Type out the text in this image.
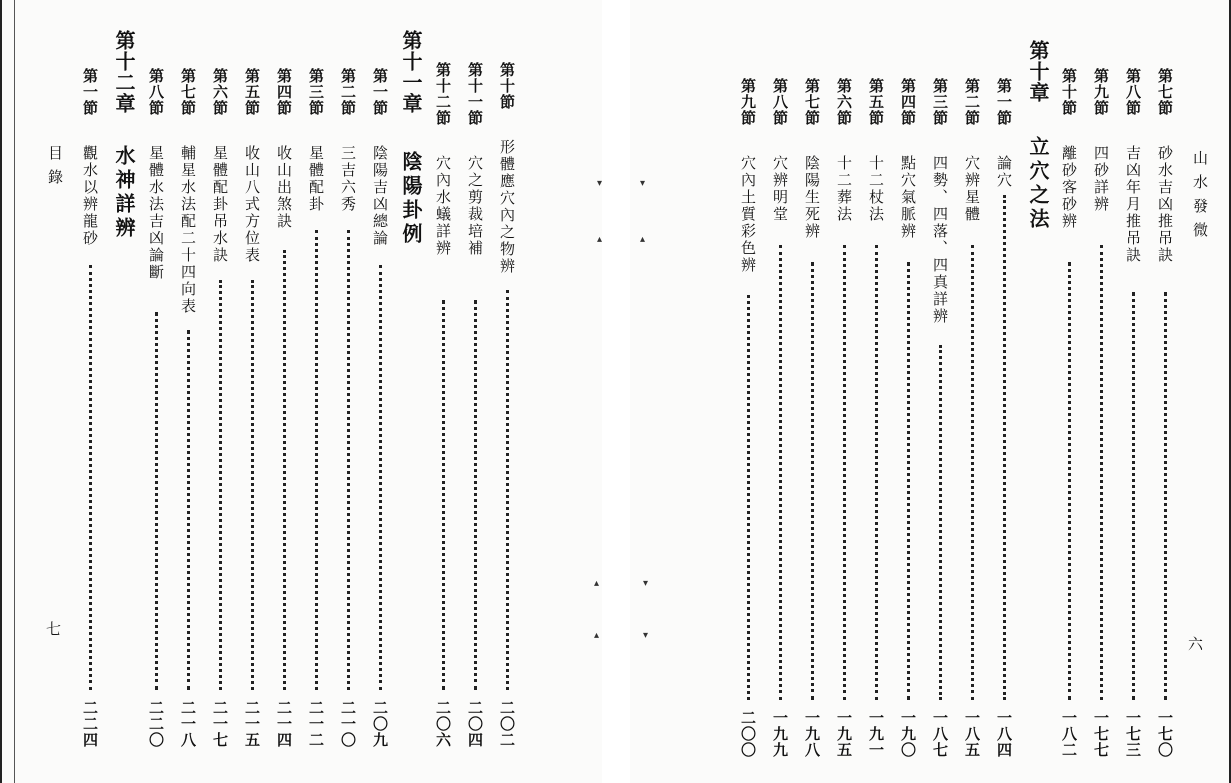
▾	▾
▴	▴
▴	▾
▴	▾
目錄
七
山水發微
六
第十節 形體應穴內之物辨
二〇二
第十一節 穴之剪裁培補
二〇四
第十二節 穴內水蟻詳辨
二〇六
第十一章 陰陽卦例
第一節 陰陽吉凶總論
二〇九
第二節 三吉六秀
二一〇
第三節 星體配卦
二一二
第四節 收山出煞訣
二一四
第五節 收山八式方位表
二一五
第六節 星體配卦吊水訣
二一七
第七節 輔星水法配二十四向表
二一八
第八節 星體水法吉凶論斷
二二〇
第十二章 水神詳辨
第一節 觀水以辨龍砂
二二四
第七節 砂水吉凶推吊訣
一七〇
第八節 吉凶年月推吊訣
一七三
第九節 四砂詳辨
一七七
第十節 離砂客砂辨
一八二
第十章 立穴之法
第一節 論穴
一八四
第二節 穴辨星體
一八五
第三節 四勢、四落、四真詳辨
一八七
第四節 點穴氣脈辨
一九〇
第五節 十二杖法
一九一
第六節 十二葬法
一九五
第七節 陰陽生死辨
一九八
第八節 穴辨明堂
一九九
第九節 穴內土質彩色辨
二〇〇
